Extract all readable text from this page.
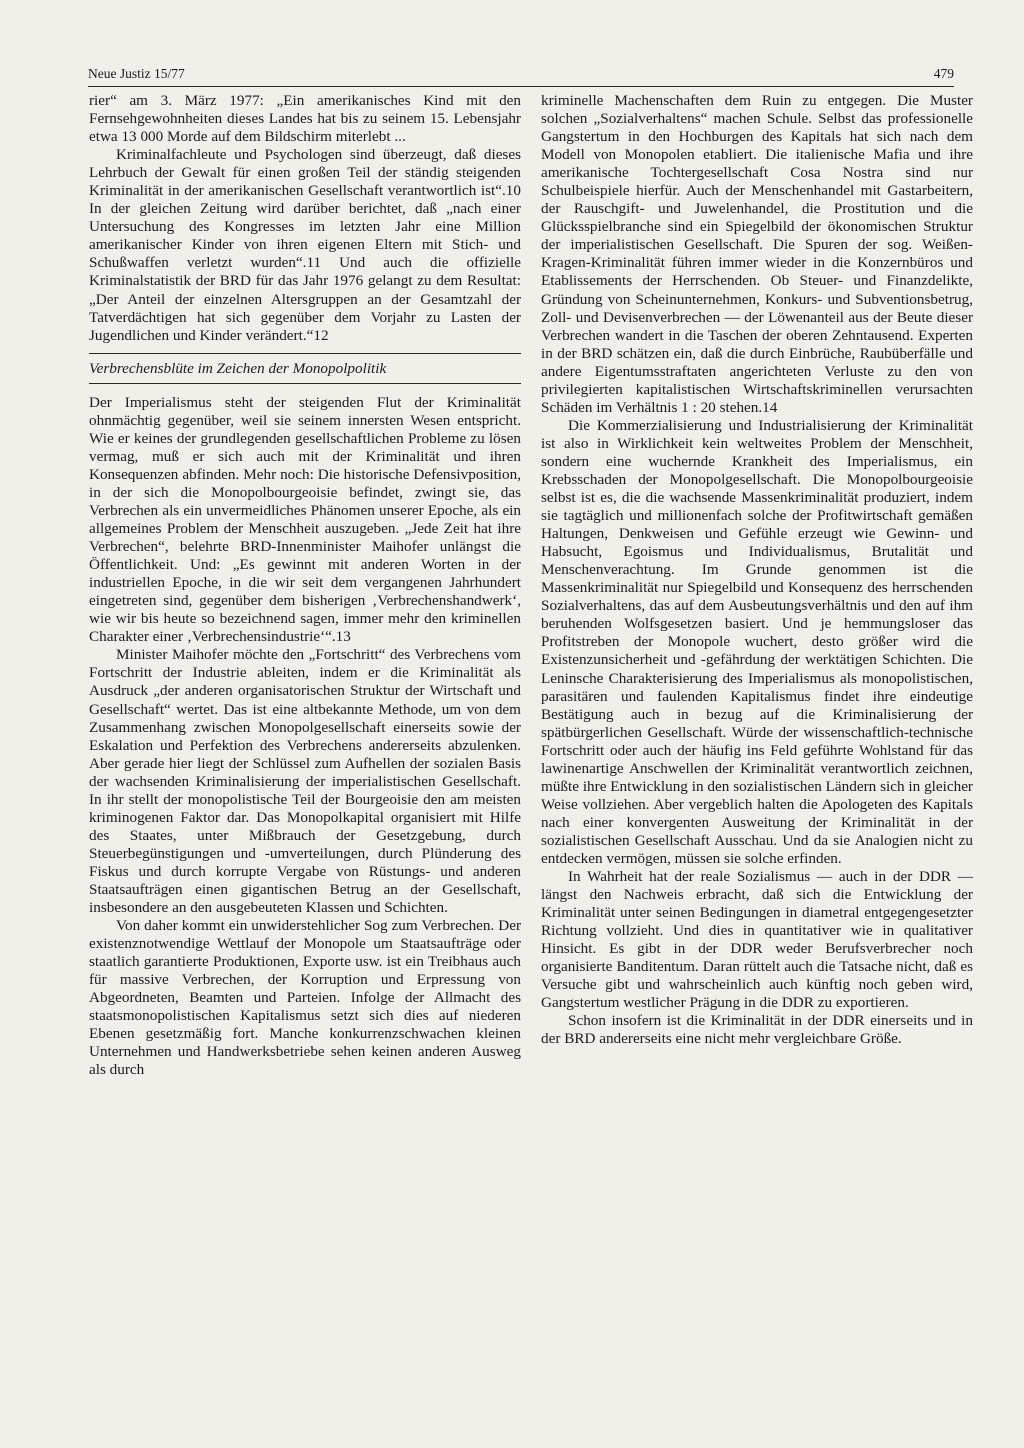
Neue Justiz 15/77	479

rier“ am 3. März 1977: „Ein amerikanisches Kind mit den Fernsehgewohnheiten dieses Landes hat bis zu seinem 15. Lebensjahr etwa 13 000 Morde auf dem Bildschirm miterlebt ...

Kriminalfachleute und Psychologen sind überzeugt, daß dieses Lehrbuch der Gewalt für einen großen Teil der ständig steigenden Kriminalität in der amerikanischen Gesellschaft verantwortlich ist“.10 In der gleichen Zeitung wird darüber berichtet, daß „nach einer Untersuchung des Kongresses im letzten Jahr eine Million amerikanischer Kinder von ihren eigenen Eltern mit Stich- und Schußwaffen verletzt wurden“.11 Und auch die offizielle Kriminalstatistik der BRD für das Jahr 1976 gelangt zu dem Resultat: „Der Anteil der einzelnen Altersgruppen an der Gesamtzahl der Tatverdächtigen hat sich gegenüber dem Vorjahr zu Lasten der Jugendlichen und Kinder verändert.“12

Verbrechensblüte im Zeichen der Monopolpolitik

Der Imperialismus steht der steigenden Flut der Kriminalität ohnmächtig gegenüber, weil sie seinem innersten Wesen entspricht. Wie er keines der grundlegenden gesellschaftlichen Probleme zu lösen vermag, muß er sich auch mit der Kriminalität und ihren Konsequenzen abfinden. Mehr noch: Die historische Defensivposition, in der sich die Monopolbourgeoisie befindet, zwingt sie, das Verbrechen als ein unvermeidliches Phänomen unserer Epoche, als ein allgemeines Problem der Menschheit auszugeben. „Jede Zeit hat ihre Verbrechen“, belehrte BRD-Innenminister Maihofer unlängst die Öffentlichkeit. Und: „Es gewinnt mit anderen Worten in der industriellen Epoche, in die wir seit dem vergangenen Jahrhundert eingetreten sind, gegenüber dem bisherigen ‚Verbrechenshandwerk‘, wie wir bis heute so bezeichnend sagen, immer mehr den kriminellen Charakter einer ‚Verbrechensindustrie‘“.13

Minister Maihofer möchte den „Fortschritt“ des Verbrechens vom Fortschritt der Industrie ableiten, indem er die Kriminalität als Ausdruck „der anderen organisatorischen Struktur der Wirtschaft und Gesellschaft“ wertet. Das ist eine altbekannte Methode, um von dem Zusammenhang zwischen Monopolgesellschaft einerseits sowie der Eskalation und Perfektion des Verbrechens andererseits abzulenken. Aber gerade hier liegt der Schlüssel zum Aufhellen der sozialen Basis der wachsenden Kriminalisierung der imperialistischen Gesellschaft. In ihr stellt der monopolistische Teil der Bourgeoisie den am meisten kriminogenen Faktor dar. Das Monopolkapital organisiert mit Hilfe des Staates, unter Mißbrauch der Gesetzgebung, durch Steuerbegünstigungen und -umverteilungen, durch Plünderung des Fiskus und durch korrupte Vergabe von Rüstungs- und anderen Staatsaufträgen einen gigantischen Betrug an der Gesellschaft, insbesondere an den ausgebeuteten Klassen und Schichten.

Von daher kommt ein unwiderstehlicher Sog zum Verbrechen. Der existenznotwendige Wettlauf der Monopole um Staatsaufträge oder staatlich garantierte Produktionen, Exporte usw. ist ein Treibhaus auch für massive Verbrechen, der Korruption und Erpressung von Abgeordneten, Beamten und Parteien. Infolge der Allmacht des staatsmonopolistischen Kapitalismus setzt sich dies auf niederen Ebenen gesetzmäßig fort. Manche konkurrenzschwachen kleinen Unternehmen und Handwerksbetriebe sehen keinen anderen Ausweg als durch

kriminelle Machenschaften dem Ruin zu entgegen. Die Muster solchen „Sozialverhaltens“ machen Schule. Selbst das professionelle Gangstertum in den Hochburgen des Kapitals hat sich nach dem Modell von Monopolen etabliert. Die italienische Mafia und ihre amerikanische Tochtergesellschaft Cosa Nostra sind nur Schulbeispiele hierfür. Auch der Menschenhandel mit Gastarbeitern, der Rauschgift- und Juwelenhandel, die Prostitution und die Glücksspielbranche sind ein Spiegelbild der ökonomischen Struktur der imperialistischen Gesellschaft. Die Spuren der sog. Weißen-Kragen-Kriminalität führen immer wieder in die Konzernbüros und Etablissements der Herrschenden. Ob Steuer- und Finanzdelikte, Gründung von Scheinunternehmen, Konkurs- und Subventionsbetrug, Zoll- und Devisenverbrechen — der Löwenanteil aus der Beute dieser Verbrechen wandert in die Taschen der oberen Zehntausend. Experten in der BRD schätzen ein, daß die durch Einbrüche, Raubüberfälle und andere Eigentumsstraftaten angerichteten Verluste zu den von privilegierten kapitalistischen Wirtschaftskriminellen verursachten Schäden im Verhältnis 1 : 20 stehen.14

Die Kommerzialisierung und Industrialisierung der Kriminalität ist also in Wirklichkeit kein weltweites Problem der Menschheit, sondern eine wuchernde Krankheit des Imperialismus, ein Krebsschaden der Monopolgesellschaft. Die Monopolbourgeoisie selbst ist es, die die wachsende Massenkriminalität produziert, indem sie tagtäglich und millionenfach solche der Profitwirtschaft gemäßen Haltungen, Denkweisen und Gefühle erzeugt wie Gewinn- und Habsucht, Egoismus und Individualismus, Brutalität und Menschenverachtung. Im Grunde genommen ist die Massenkriminalität nur Spiegelbild und Konsequenz des herrschenden Sozialverhaltens, das auf dem Ausbeutungsverhältnis und den auf ihm beruhenden Wolfsgesetzen basiert. Und je hemmungsloser das Profitstreben der Monopole wuchert, desto größer wird die Existenzunsicherheit und -gefährdung der werktätigen Schichten. Die Leninsche Charakterisierung des Imperialismus als monopolistischen, parasitären und faulenden Kapitalismus findet ihre eindeutige Bestätigung auch in bezug auf die Kriminalisierung der spätbürgerlichen Gesellschaft. Würde der wissenschaftlich-technische Fortschritt oder auch der häufig ins Feld geführte Wohlstand für das lawinenartige Anschwellen der Kriminalität verantwortlich zeichnen, müßte ihre Entwicklung in den sozialistischen Ländern sich in gleicher Weise vollziehen. Aber vergeblich halten die Apologeten des Kapitals nach einer konvergenten Ausweitung der Kriminalität in der sozialistischen Gesellschaft Ausschau. Und da sie Analogien nicht zu entdecken vermögen, müssen sie solche erfinden.

In Wahrheit hat der reale Sozialismus — auch in der DDR — längst den Nachweis erbracht, daß sich die Entwicklung der Kriminalität unter seinen Bedingungen in diametral entgegengesetzter Richtung vollzieht. Und dies in quantitativer wie in qualitativer Hinsicht. Es gibt in der DDR weder Berufsverbrecher noch organisierte Banditentum. Daran rüttelt auch die Tatsache nicht, daß es Versuche gibt und wahrscheinlich auch künftig noch geben wird, Gangstertum westlicher Prägung in die DDR zu exportieren.

Schon insofern ist die Kriminalität in der DDR einerseits und in der BRD andererseits eine nicht mehr vergleichbare Größe.
